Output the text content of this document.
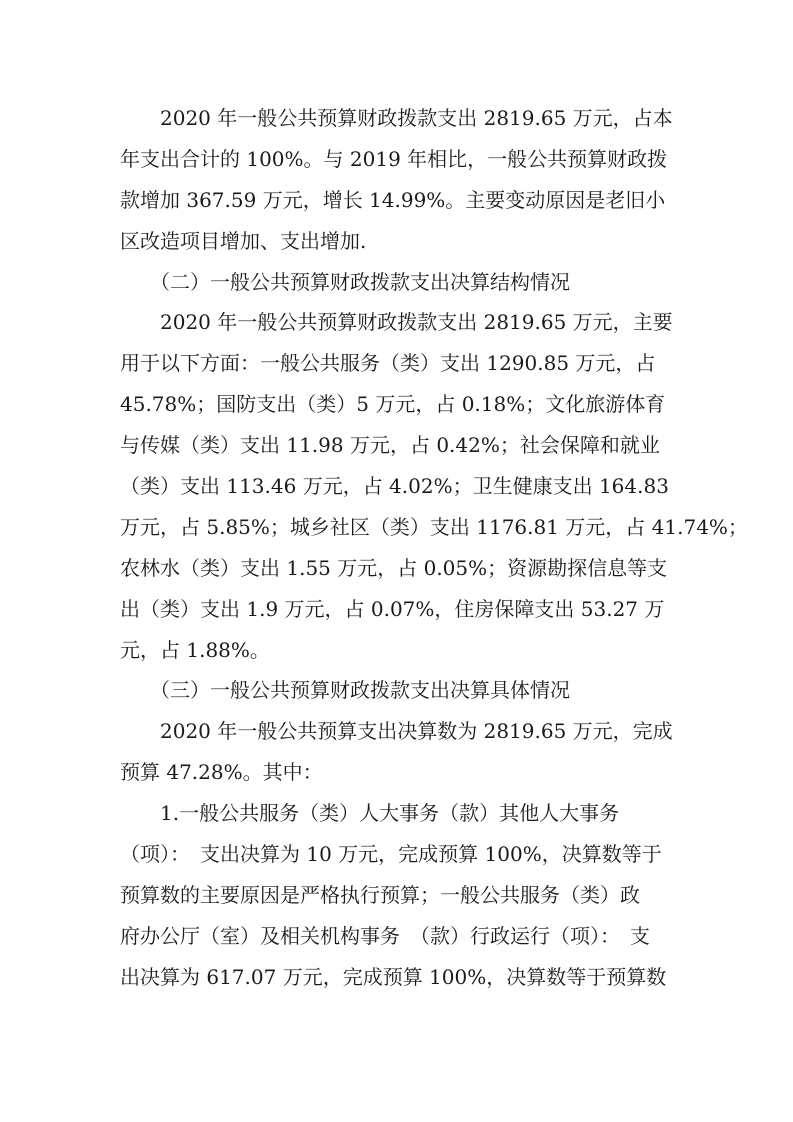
　　2020 年一般公共预算财政拨款支出 2819.65 万元，占本
年支出合计的 100%。与 2019 年相比，一般公共预算财政拨
款增加 367.59 万元，增长 14.99%。主要变动原因是老旧小
区改造项目增加、支出增加.
　　（二）一般公共预算财政拨款支出决算结构情况
　　2020 年一般公共预算财政拨款支出 2819.65 万元，主要
用于以下方面：一般公共服务（类）支出 1290.85 万元，占
45.78%；国防支出（类）5 万元，占 0.18%；文化旅游体育
与传媒（类）支出 11.98 万元，占 0.42%；社会保障和就业
（类）支出 113.46 万元，占 4.02%；卫生健康支出 164.83
万元，占 5.85%；城乡社区（类）支出 1176.81 万元，占 41.74%；
农林水（类）支出 1.55 万元，占 0.05%；资源勘探信息等支
出（类）支出 1.9 万元，占 0.07%，住房保障支出 53.27 万
元，占 1.88%。
　　（三）一般公共预算财政拨款支出决算具体情况
　　2020 年一般公共预算支出决算数为 2819.65 万元，完成
预算 47.28%。其中：
　　1.一般公共服务（类）人大事务（款）其他人大事务
（项）：　支出决算为 10 万元，完成预算 100%，决算数等于
预算数的主要原因是严格执行预算；一般公共服务（类）政
府办公厅（室）及相关机构事务　（款）行政运行（项）：　支
出决算为 617.07 万元，完成预算 100%，决算数等于预算数
